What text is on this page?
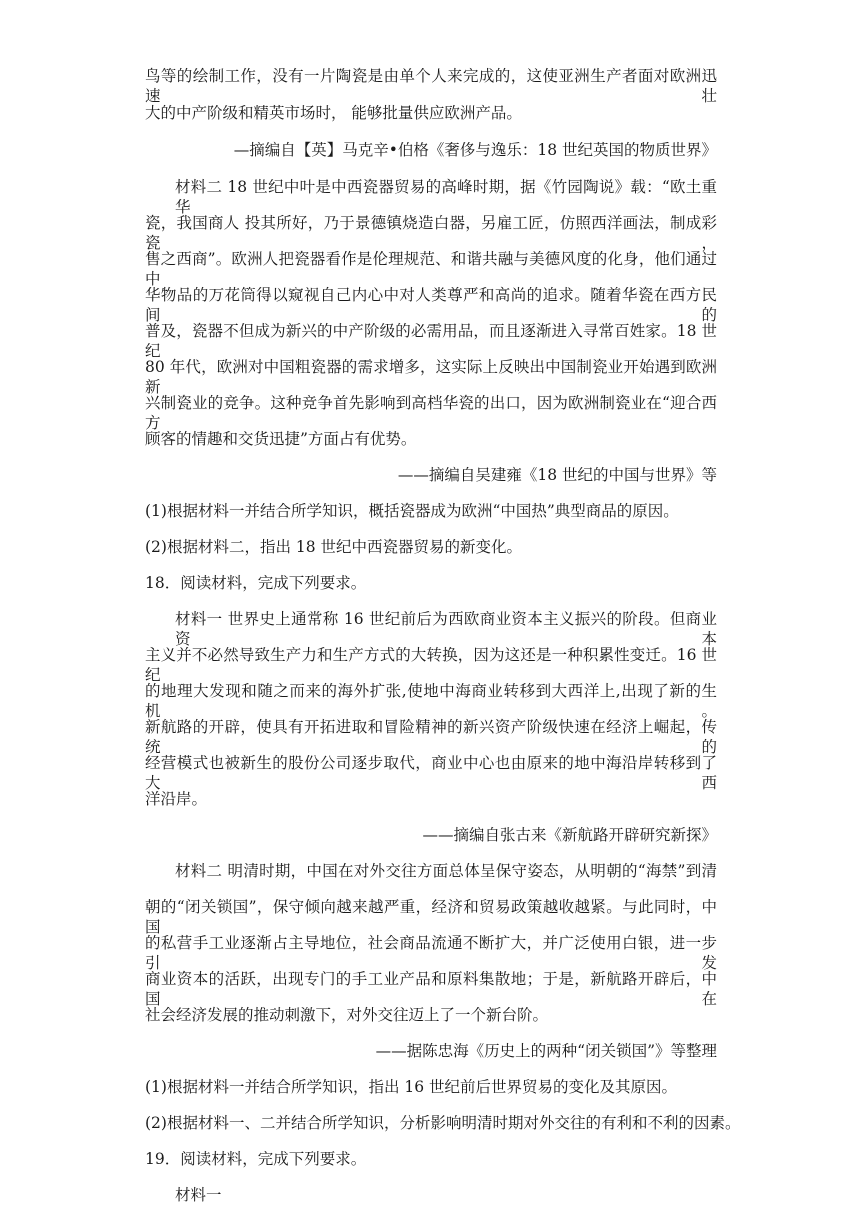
鸟等的绘制工作，没有一片陶瓷是由单个人来完成的，这使亚洲生产者面对欧洲迅速壮
大的中产阶级和精英市场时， 能够批量供应欧洲产品。
—摘编自【英】马克辛•伯格《奢侈与逸乐：18 世纪英国的物质世界》
材料二 18 世纪中叶是中西瓷器贸易的高峰时期，据《竹园陶说》载：“欧土重华
瓷，我国商人 投其所好，乃于景德镇烧造白器，另雇工匠，仿照西洋画法，制成彩瓷，
售之西商”。欧洲人把瓷器看作是伦理规范、和谐共融与美德风度的化身，他们通过中
华物品的万花筒得以窥视自己内心中对人类尊严和高尚的追求。随着华瓷在西方民间的
普及，瓷器不但成为新兴的中产阶级的必需用品，而且逐渐进入寻常百姓家。18 世纪
80 年代，欧洲对中国粗瓷器的需求增多，这实际上反映出中国制瓷业开始遇到欧洲新
兴制瓷业的竞争。这种竞争首先影响到高档华瓷的出口，因为欧洲制瓷业在“迎合西方
顾客的情趣和交货迅捷”方面占有优势。
——摘编自吴建雍《18 世纪的中国与世界》等
(1)根据材料一并结合所学知识，概括瓷器成为欧洲“中国热”典型商品的原因。
(2)根据材料二，指出 18 世纪中西瓷器贸易的新变化。
18．阅读材料，完成下列要求。
材料一 世界史上通常称 16 世纪前后为西欧商业资本主义振兴的阶段。但商业资本
主义并不必然导致生产力和生产方式的大转换，因为这还是一种积累性变迁。16 世纪
的地理大发现和随之而来的海外扩张,使地中海商业转移到大西洋上,出现了新的生机。
新航路的开辟，使具有开拓进取和冒险精神的新兴资产阶级快速在经济上崛起，传统的
经营模式也被新生的股份公司逐步取代，商业中心也由原来的地中海沿岸转移到了大西
洋沿岸。
——摘编自张古来《新航路开辟研究新探》
材料二 明清时期，中国在对外交往方面总体呈保守姿态，从明朝的“海禁”到清
朝的“闭关锁国”，保守倾向越来越严重，经济和贸易政策越收越紧。与此同时，中国
的私营手工业逐渐占主导地位，社会商品流通不断扩大，并广泛使用白银，进一步引发
商业资本的活跃，出现专门的手工业产品和原料集散地；于是，新航路开辟后，中国在
社会经济发展的推动刺激下，对外交往迈上了一个新台阶。
——据陈忠海《历史上的两种“闭关锁国”》等整理
(1)根据材料一并结合所学知识，指出 16 世纪前后世界贸易的变化及其原因。
(2)根据材料一、二并结合所学知识，分析影响明清时期对外交往的有利和不利的因素。
19．阅读材料，完成下列要求。
材料一
